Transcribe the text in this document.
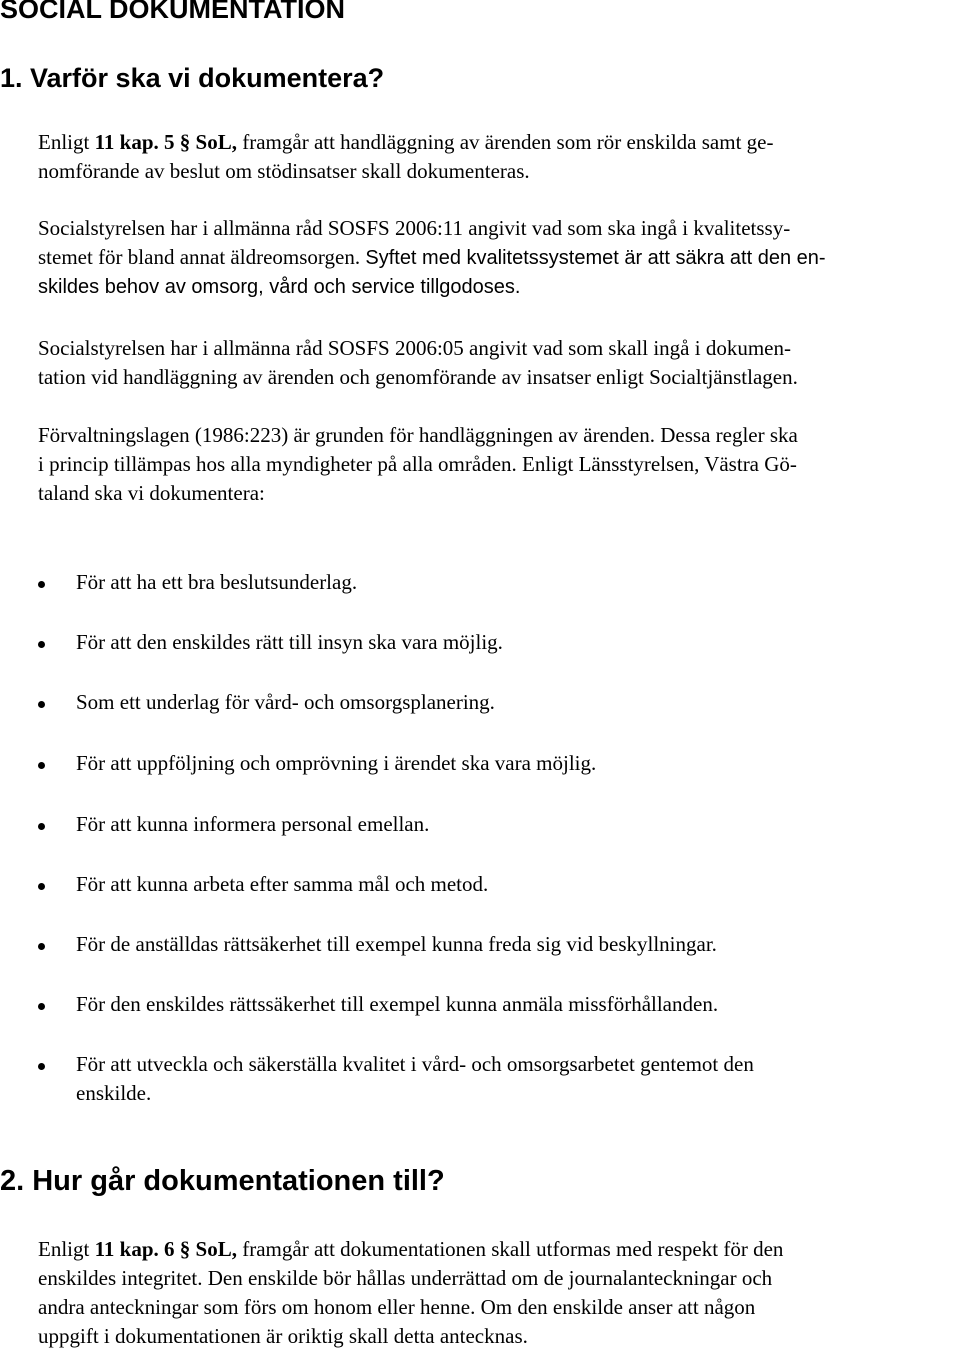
SOCIAL DOKUMENTATION
1. Varför ska vi dokumentera?

Enligt 11 kap. 5 § SoL, framgår att handläggning av ärenden som rör enskilda samt ge-
nomförande av beslut om stödinsatser skall dokumenteras.

Socialstyrelsen har i allmänna råd SOSFS 2006:11 angivit vad som ska ingå i kvalitetssy-
stemet för bland annat äldreomsorgen. Syftet med kvalitetssystemet är att säkra att den en-
skildes behov av omsorg, vård och service tillgodoses.

Socialstyrelsen har i allmänna råd SOSFS 2006:05 angivit vad som skall ingå i dokumen-
tation vid handläggning av ärenden och genomförande av insatser enligt Socialtjänstlagen.

Förvaltningslagen (1986:223) är grunden för handläggningen av ärenden. Dessa regler ska
i princip tillämpas hos alla myndigheter på alla områden. Enligt Länsstyrelsen, Västra Gö-
taland ska vi dokumentera:

För att ha ett bra beslutsunderlag.
För att den enskildes rätt till insyn ska vara möjlig.
Som ett underlag för vård- och omsorgsplanering.
För att uppföljning och omprövning i ärendet ska vara möjlig.
För att kunna informera personal emellan.
För att kunna arbeta efter samma mål och metod.
För de anställdas rättsäkerhet till exempel kunna freda sig vid beskyllningar.
För den enskildes rättssäkerhet till exempel kunna anmäla missförhållanden.
För att utveckla och säkerställa kvalitet i vård- och omsorgsarbetet gentemot den
enskilde.
2. Hur går dokumentationen till?

Enligt 11 kap. 6 § SoL, framgår att dokumentationen skall utformas med respekt för den
enskildes integritet. Den enskilde bör hållas underrättad om de journalanteckningar och
andra anteckningar som förs om honom eller henne. Om den enskilde anser att någon
uppgift i dokumentationen är oriktig skall detta antecknas.
